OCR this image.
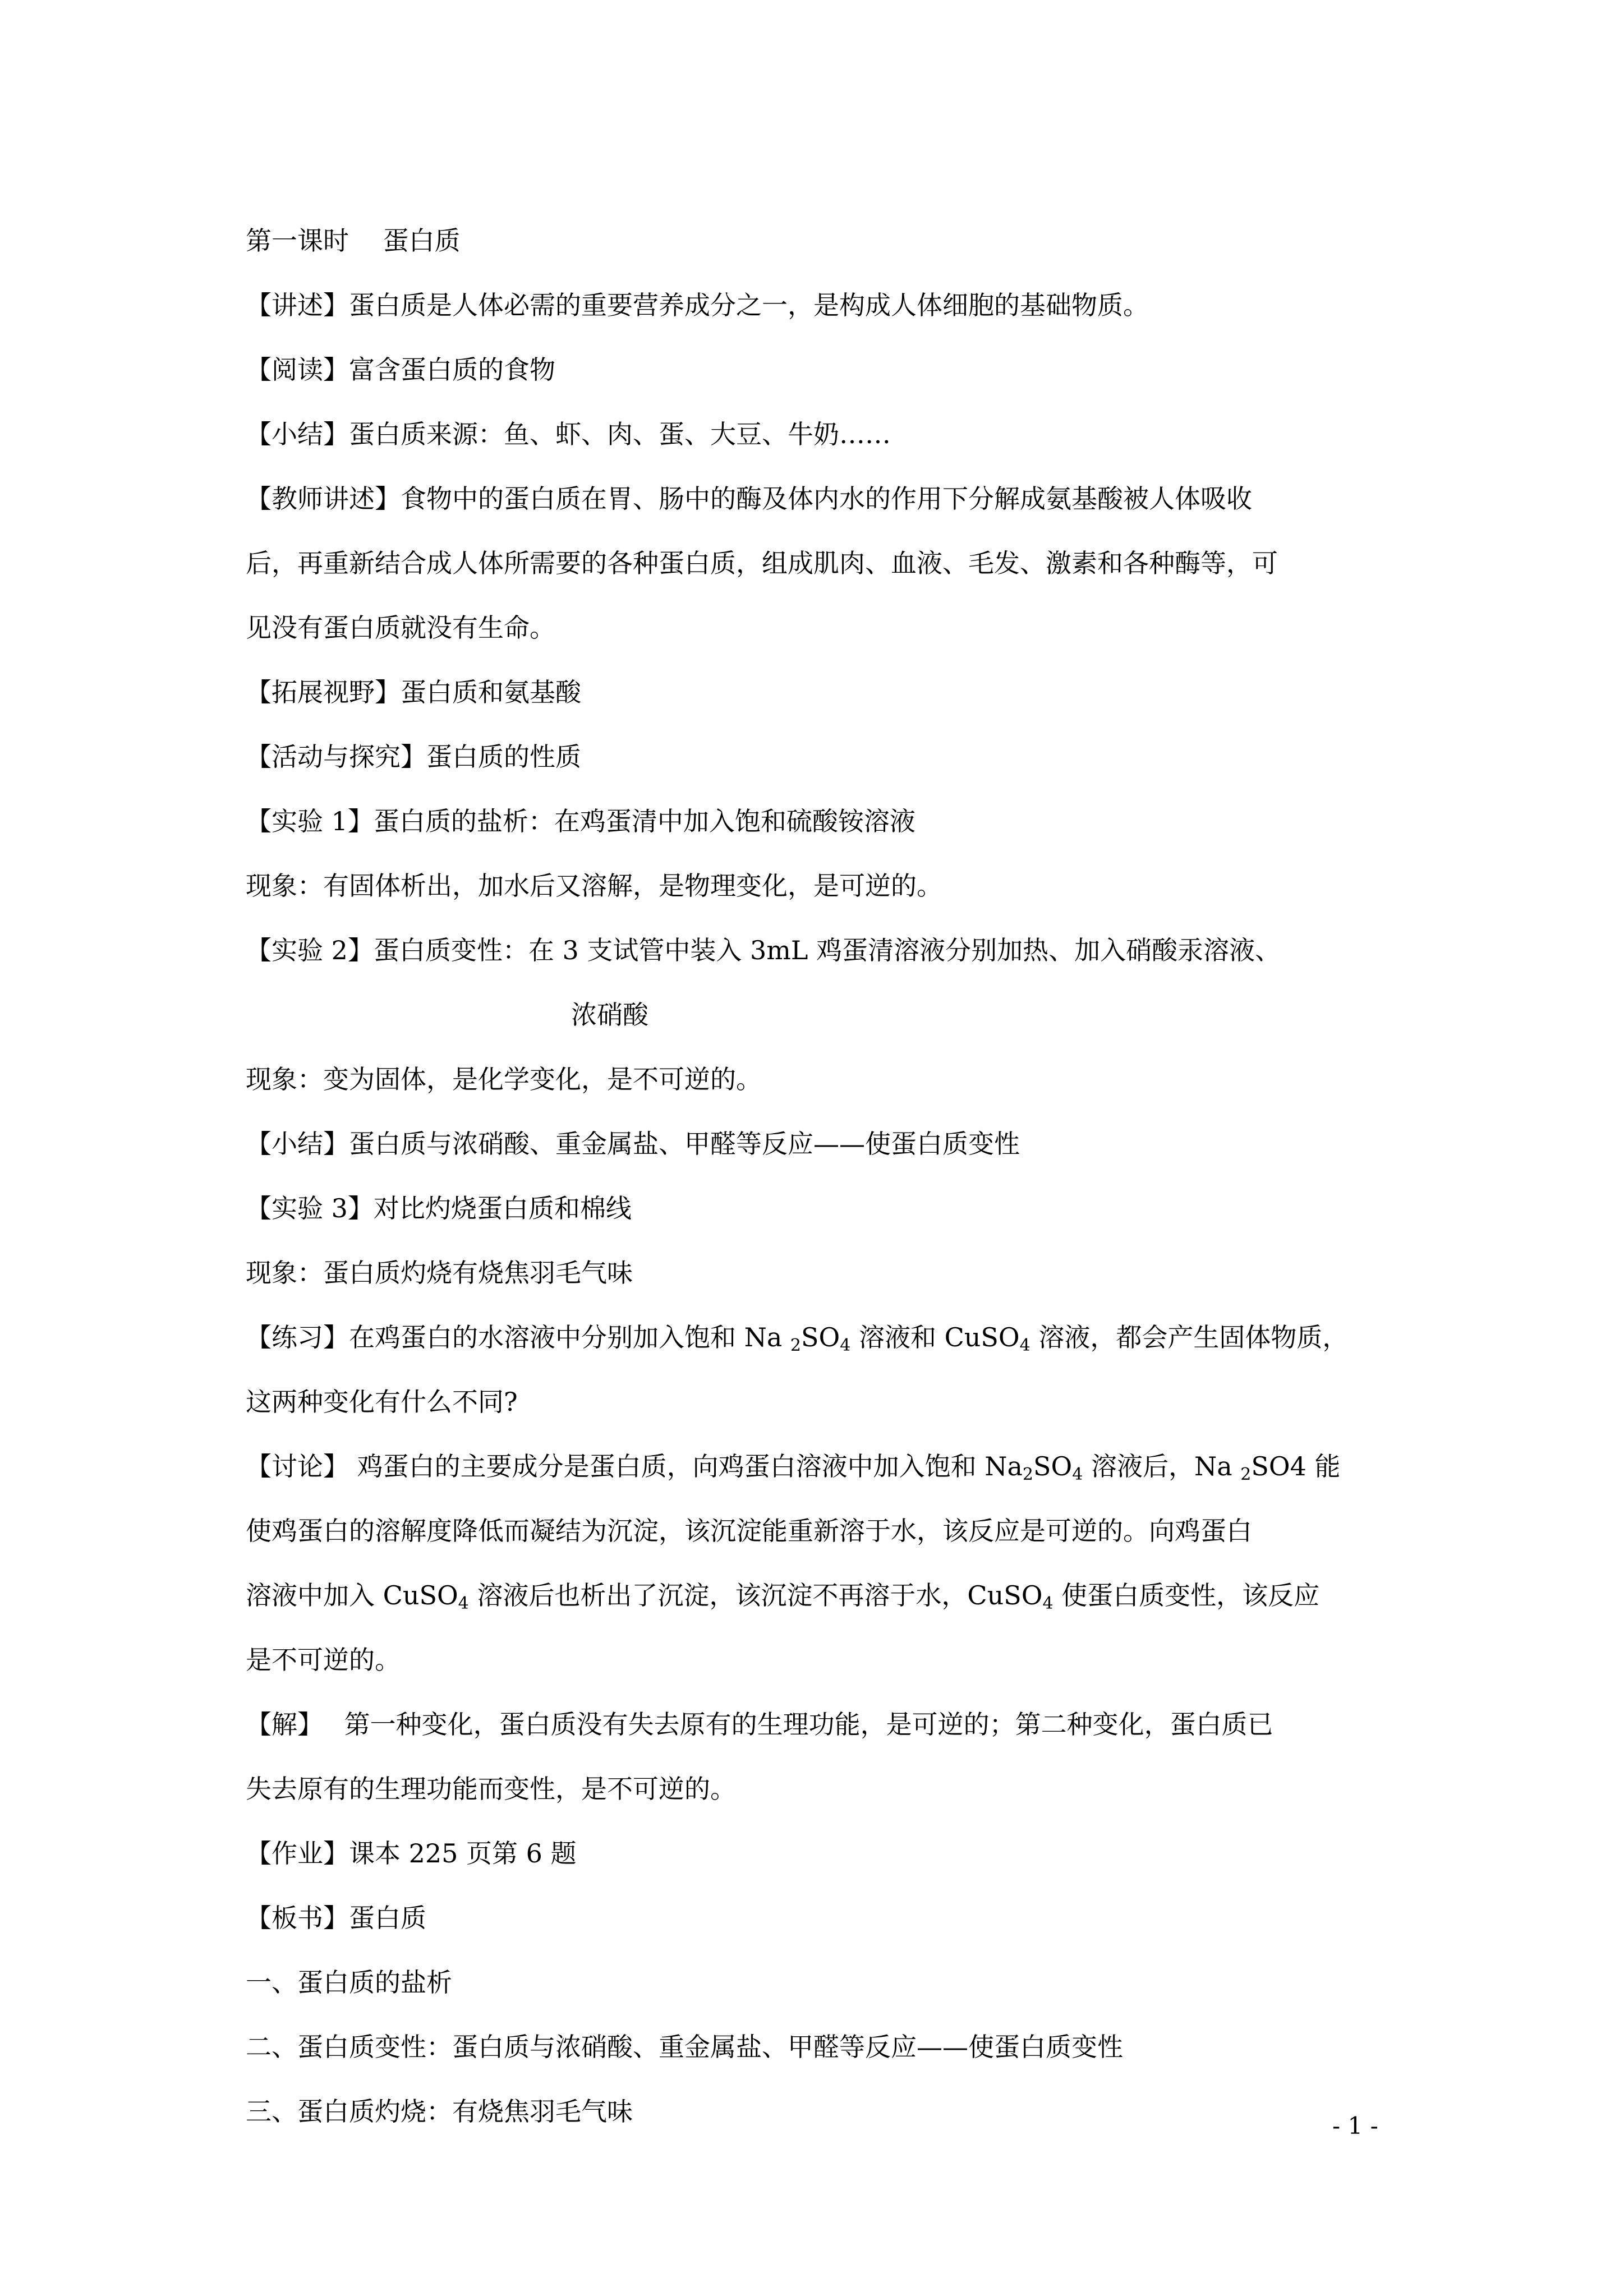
第一课时　 蛋白质
【讲述】蛋白质是人体必需的重要营养成分之一，是构成人体细胞的基础物质。
【阅读】富含蛋白质的食物
【小结】蛋白质来源：鱼、虾、肉、蛋、大豆、牛奶……
【教师讲述】食物中的蛋白质在胃、肠中的酶及体内水的作用下分解成氨基酸被人体吸收
后，再重新结合成人体所需要的各种蛋白质，组成肌肉、血液、毛发、激素和各种酶等，可
见没有蛋白质就没有生命。
【拓展视野】蛋白质和氨基酸
【活动与探究】蛋白质的性质
【实验 1】蛋白质的盐析：在鸡蛋清中加入饱和硫酸铵溶液
现象：有固体析出，加水后又溶解，是物理变化，是可逆的。
【实验 2】蛋白质变性：在 3 支试管中装入 3mL 鸡蛋清溶液分别加热、加入硝酸汞溶液、
浓硝酸
现象：变为固体，是化学变化，是不可逆的。
【小结】蛋白质与浓硝酸、重金属盐、甲醛等反应——使蛋白质变性
【实验 3】对比灼烧蛋白质和棉线
现象：蛋白质灼烧有烧焦羽毛气味
【练习】在鸡蛋白的水溶液中分别加入饱和 Na $_2SO_4$ 溶液和 CuSO$_4$ 溶液，都会产生固体物质，
这两种变化有什么不同?
【讨论】 鸡蛋白的主要成分是蛋白质，向鸡蛋白溶液中加入饱和 $Na_2SO_4$ 溶液后，Na $_2$SO4 能
使鸡蛋白的溶解度降低而凝结为沉淀，该沉淀能重新溶于水，该反应是可逆的。向鸡蛋白
溶液中加入 CuSO$_4$ 溶液后也析出了沉淀，该沉淀不再溶于水，CuSO$_4$ 使蛋白质变性，该反应
是不可逆的。
【解】　 第一种变化，蛋白质没有失去原有的生理功能，是可逆的；第二种变化，蛋白质已
失去原有的生理功能而变性，是不可逆的。
【作业】课本 225 页第 6 题
【板书】蛋白质
一、蛋白质的盐析
二、蛋白质变性：蛋白质与浓硝酸、重金属盐、甲醛等反应——使蛋白质变性
三、蛋白质灼烧：有烧焦羽毛气味	- 1 -
